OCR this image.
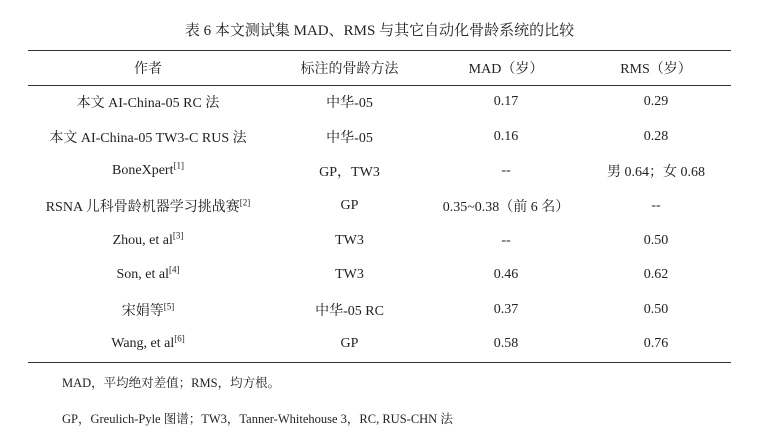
表 6 本文测试集 MAD、RMS 与其它自动化骨龄系统的比较
作者	标注的骨龄方法	MAD（岁）	RMS（岁）
本文 AI-China-05 RC 法	中华-05	0.17	0.29
本文 AI-China-05 TW3-C RUS 法	中华-05	0.16	0.28
BoneXpert[1]	GP，TW3	--	男 0.64；女 0.68
RSNA 儿科骨龄机器学习挑战赛[2]	GP	0.35~0.38（前 6 名）	--
Zhou, et al[3]	TW3	--	0.50
Son, et al[4]	TW3	0.46	0.62
宋娟等[5]	中华-05 RC	0.37	0.50
Wang, et al[6]	GP	0.58	0.76
MAD，平均绝对差值；RMS，均方根。
GP，Greulich-Pyle 图谱；TW3，Tanner-Whitehouse 3，RC, RUS-CHN 法
